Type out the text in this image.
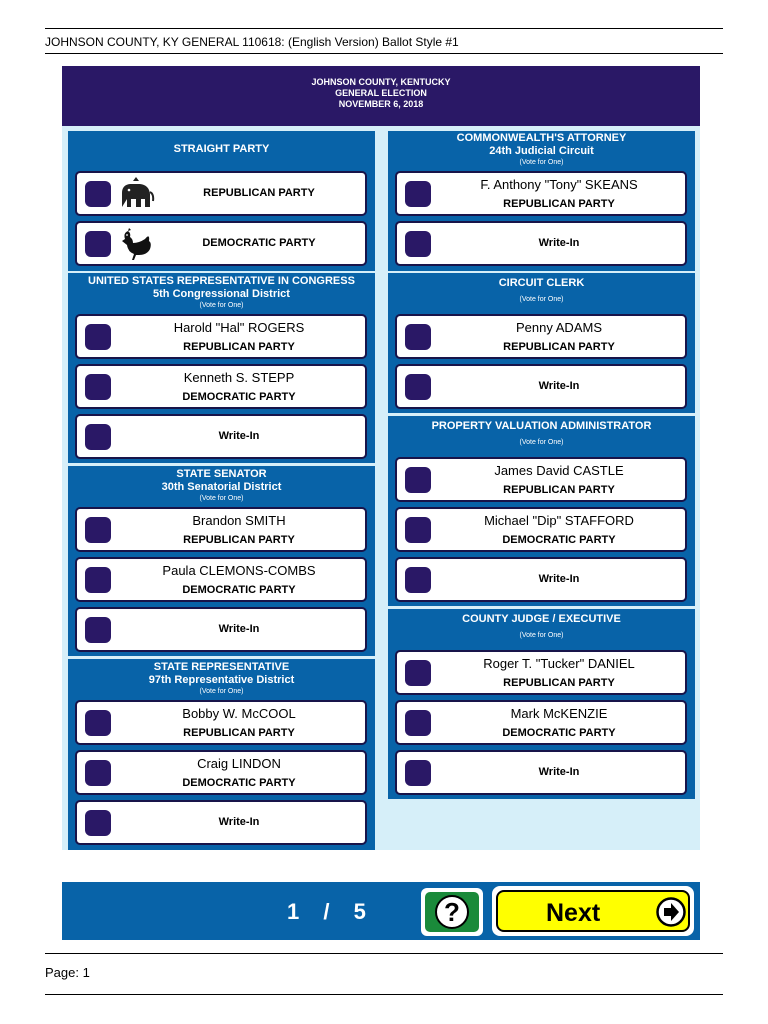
JOHNSON COUNTY, KY GENERAL 110618: (English Version) Ballot Style #1
JOHNSON COUNTY, KENTUCKY
GENERAL ELECTION
NOVEMBER 6, 2018
STRAIGHT PARTY
REPUBLICAN PARTY
DEMOCRATIC PARTY
UNITED STATES REPRESENTATIVE IN CONGRESS
5th Congressional District
(Vote for One)
Harold "Hal" ROGERS
REPUBLICAN PARTY
Kenneth S. STEPP
DEMOCRATIC PARTY
Write-In
STATE SENATOR
30th Senatorial District
(Vote for One)
Brandon SMITH
REPUBLICAN PARTY
Paula CLEMONS-COMBS
DEMOCRATIC PARTY
Write-In
STATE REPRESENTATIVE
97th Representative District
(Vote for One)
Bobby W. McCOOL
REPUBLICAN PARTY
Craig LINDON
DEMOCRATIC PARTY
Write-In
COMMONWEALTH'S ATTORNEY
24th Judicial Circuit
(Vote for One)
F. Anthony "Tony" SKEANS
REPUBLICAN PARTY
Write-In
CIRCUIT CLERK
(Vote for One)
Penny ADAMS
REPUBLICAN PARTY
Write-In
PROPERTY VALUATION ADMINISTRATOR
(Vote for One)
James David CASTLE
REPUBLICAN PARTY
Michael "Dip" STAFFORD
DEMOCRATIC PARTY
Write-In
COUNTY JUDGE / EXECUTIVE
(Vote for One)
Roger T. "Tucker" DANIEL
REPUBLICAN PARTY
Mark McKENZIE
DEMOCRATIC PARTY
Write-In
1 / 5	?	Next
Page: 1
